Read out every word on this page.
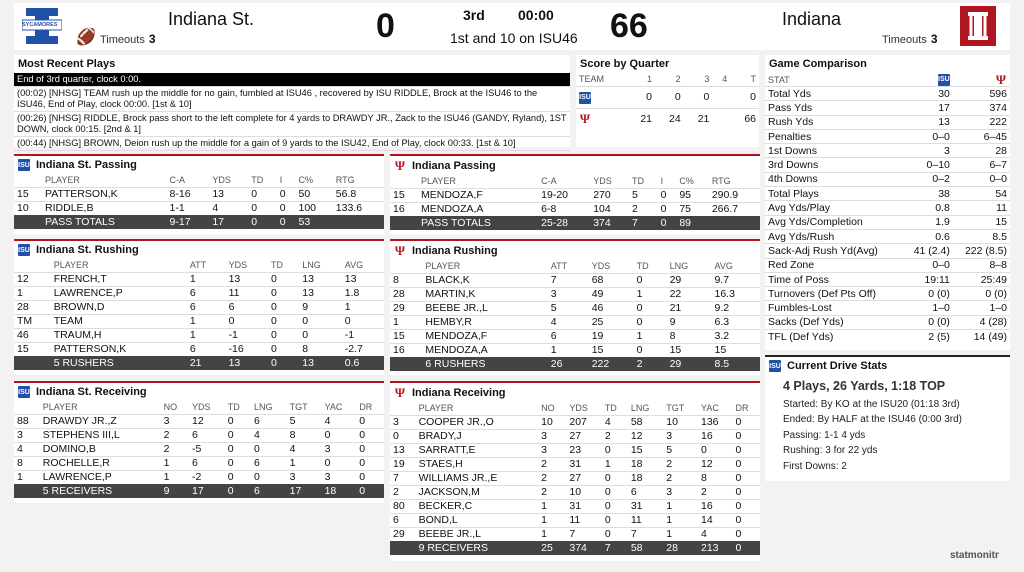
SYCAMORES	Indiana St.
🏈 Timeouts 3	0	3rd 00:00
1st and 10 on ISU46 66	Indiana
Timeouts 3
Most Recent Plays
End of 3rd quarter, clock 0:00.
(00:02) [NHSG] TEAM rush up the middle for no gain, fumbled at ISU46 , recovered by ISU RIDDLE, Brock at the ISU46 to the ISU46, End of Play, clock 00:00. [1st & 10]
(00:26) [NHSG] RIDDLE, Brock pass short to the left complete for 4 yards to DRAWDY JR., Zack to the ISU46 (GANDY, Ryland), 1ST DOWN, clock 00:15. [2nd & 1]
(00:44) [NHSG] BROWN, Deion rush up the middle for a gain of 9 yards to the ISU42, End of Play, clock 00:33. [1st & 10]
Score by Quarter
TEAM	1	2	3	4	T
ISU	0	0	0		0
Ψ	21	24	21		66
Game Comparison
STAT	ISU	Ψ
Total Yds	30	596
Pass Yds	17	374
Rush Yds	13	222
Penalties	0–0	6–45
1st Downs	3	28
3rd Downs	0–10	6–7
4th Downs	0–2	0–0
Total Plays	38	54
Avg Yds/Play	0.8	11
Avg Yds/Completion	1.9	15
Avg Yds/Rush	0.6	8.5
Sack-Adj Rush Yd(Avg)	41 (2.4)	222 (8.5)
Red Zone	0–0	8–8
Time of Poss	19:11	25:49
Turnovers (Def Pts Off)	0 (0)	0 (0)
Fumbles-Lost	1–0	1–0
Sacks (Def Yds)	0 (0)	4 (28)
TFL (Def Yds)	2 (5)	14 (49)
ISU Current Drive Stats
4 Plays, 26 Yards, 1:18 TOP
Started: By KO at the ISU20 (01:18 3rd)
Ended: By HALF at the ISU46 (0:00 3rd)
Passing: 1-1 4 yds
Rushing: 3 for 22 yds
First Downs: 2
ISU Indiana St. Passing
	PLAYER	C-A	YDS	TD	I	C%	RTG
15	PATTERSON,K	8-16	13	0	0	50	56.8
10	RIDDLE,B	1-1	4	0	0	100	133.6
	PASS TOTALS	9-17	17	0	0	53	
Ψ Indiana Passing
	PLAYER	C-A	YDS	TD	I	C%	RTG
15	MENDOZA,F	19-20	270	5	0	95	290.9
16	MENDOZA,A	6-8	104	2	0	75	266.7
	PASS TOTALS	25-28	374	7	0	89	
ISU Indiana St. Rushing
	PLAYER	ATT	YDS	TD	LNG	AVG
12	FRENCH,T	1	13	0	13	13
1	LAWRENCE,P	6	11	0	13	1.8
28	BROWN,D	6	6	0	9	1
TM	TEAM	1	0	0	0	0
46	TRAUM,H	1	-1	0	0	-1
15	PATTERSON,K	6	-16	0	8	-2.7
	5 RUSHERS	21	13	0	13	0.6
Ψ Indiana Rushing
	PLAYER	ATT	YDS	TD	LNG	AVG
8	BLACK,K	7	68	0	29	9.7
28	MARTIN,K	3	49	1	22	16.3
29	BEEBE JR.,L	5	46	0	21	9.2
1	HEMBY,R	4	25	0	9	6.3
15	MENDOZA,F	6	19	1	8	3.2
16	MENDOZA,A	1	15	0	15	15
	6 RUSHERS	26	222	2	29	8.5
ISU Indiana St. Receiving
	PLAYER	NO	YDS	TD	LNG	TGT	YAC	DR
88	DRAWDY JR.,Z	3	12	0	6	5	4	0
3	STEPHENS III,L	2	6	0	4	8	0	0
4	DOMINO,B	2	-5	0	0	4	3	0
8	ROCHELLE,R	1	6	0	6	1	0	0
1	LAWRENCE,P	1	-2	0	0	3	3	0
	5 RECEIVERS	9	17	0	6	17	18	0
Ψ Indiana Receiving
	PLAYER	NO	YDS	TD	LNG	TGT	YAC	DR
3	COOPER JR.,O	10	207	4	58	10	136	0
0	BRADY,J	3	27	2	12	3	16	0
13	SARRATT,E	3	23	0	15	5	0	0
19	STAES,H	2	31	1	18	2	12	0
7	WILLIAMS JR.,E	2	27	0	18	2	8	0
2	JACKSON,M	2	10	0	6	3	2	0
80	BECKER,C	1	31	0	31	1	16	0
6	BOND,L	1	11	0	11	1	14	0
29	BEEBE JR.,L	1	7	0	7	1	4	0
	9 RECEIVERS	25	374	7	58	28	213	0
statmonitr
